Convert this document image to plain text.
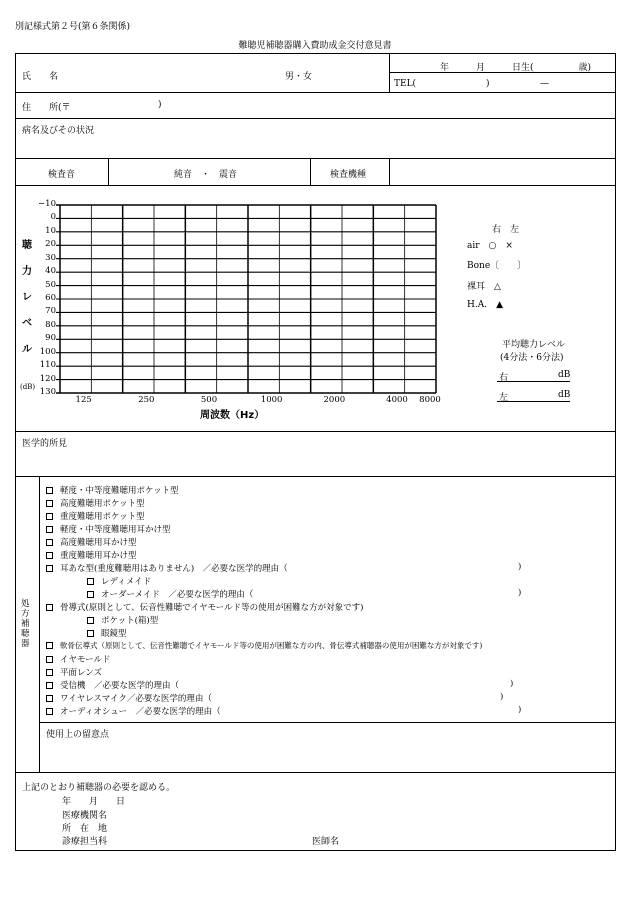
別記様式第２号(第６条関係)
難聴児補聴器購入費助成金交付意見書
氏　　名	男・女
年　　　月　　　日生(　　　　　歳)
TEL(	)	—
住　　所(〒	)
病名及びその状況
検査音	純音　・　震音	検査機種
聴
力
レ
ベ
ル
(dB)
−10
0
10
20
30
40
50
60
70
80
90
100
110
120
130
125	250	500	1000	2000	4000 8000
周波数（Hz）
右　左
air　○　×
Bone〔　　〕
裸耳　△
H.A.　▲
平均聴力レベル
(4分法・6分法)
右	dB
左	dB
医学的所見
処
方
補
聴
器
軽度・中等度難聴用ポケット型
高度難聴用ポケット型
重度難聴用ポケット型
軽度・中等度難聴用耳かけ型
高度難聴用耳かけ型
重度難聴用耳かけ型
耳あな型(重度難聴用はありません)　／必要な医学的理由（	)
レディメイド
オーダーメイド　／必要な医学的理由（	)
骨導式(原則として、伝音性難聴でイヤモールド等の使用が困難な方が対象です)
ポケット(箱)型
眼鏡型
軟骨伝導式（原則として、伝音性難聴でイヤモールド等の使用が困難な方の内、骨伝導式補聴器の使用が困難な方が対象です)
イヤモールド
平面レンズ
受信機　／必要な医学的理由（	)
ワイヤレスマイク／必要な医学的理由（	)
オーディオシュー　／必要な医学的理由（	)
使用上の留意点
上記のとおり補聴器の必要を認める。
年　　月　　日
医療機関名
所　在　地
診療担当科	医師名
